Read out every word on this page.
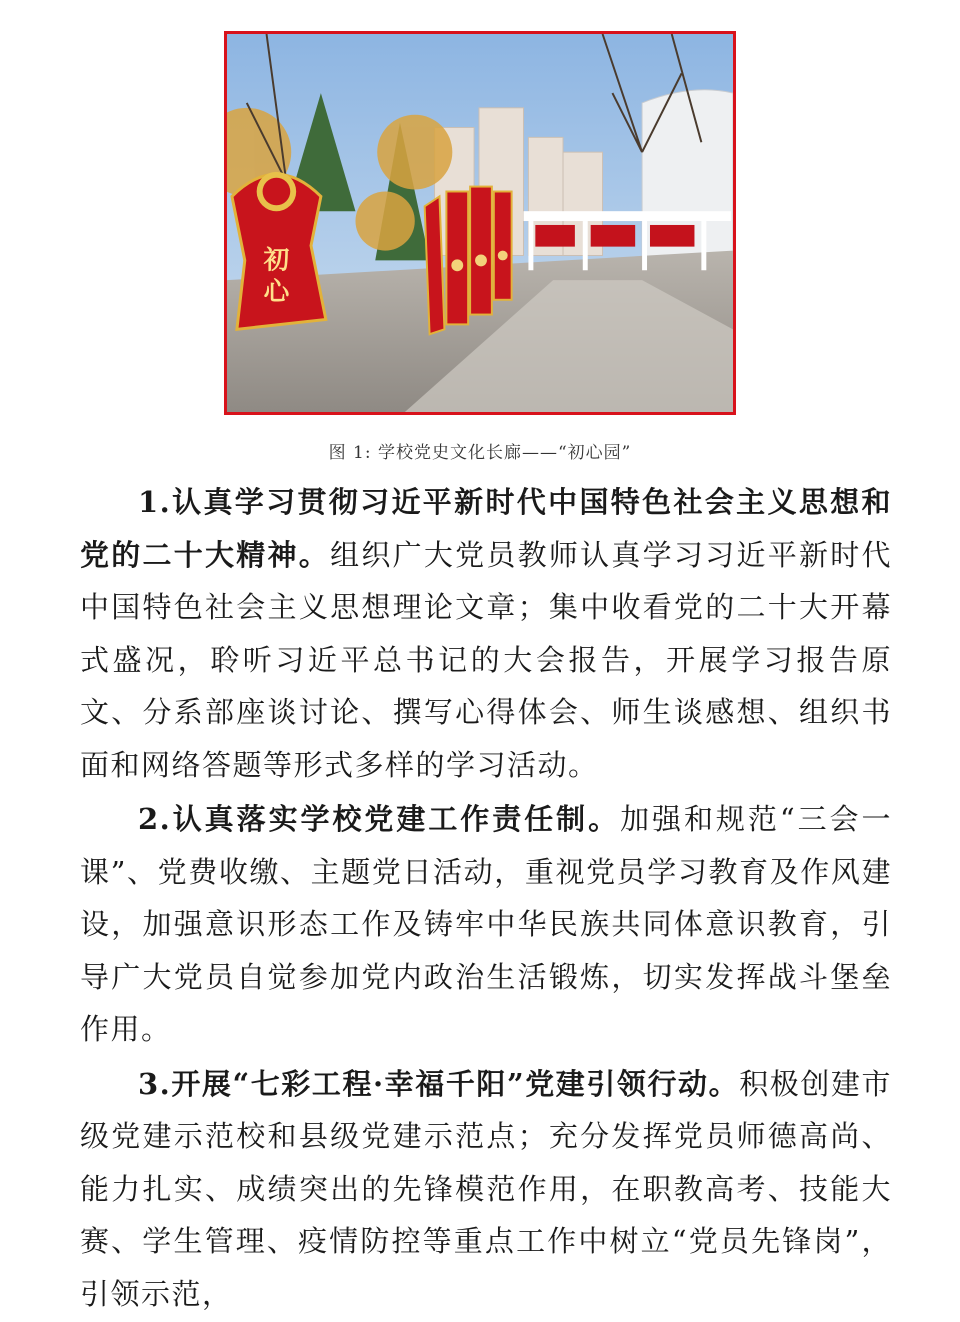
初
心
图 1: 学校党史文化长廊——“初心园”

1.认真学习贯彻习近平新时代中国特色社会主义思想和党的二十大精神。组织广大党员教师认真学习习近平新时代中国特色社会主义思想理论文章；集中收看党的二十大开幕式盛况，聆听习近平总书记的大会报告，开展学习报告原文、分系部座谈讨论、撰写心得体会、师生谈感想、组织书面和网络答题等形式多样的学习活动。

2.认真落实学校党建工作责任制。加强和规范“三会一课”、党费收缴、主题党日活动，重视党员学习教育及作风建设，加强意识形态工作及铸牢中华民族共同体意识教育，引导广大党员自觉参加党内政治生活锻炼，切实发挥战斗堡垒作用。

3.开展“七彩工程·幸福千阳”党建引领行动。积极创建市级党建示范校和县级党建示范点；充分发挥党员师德高尚、能力扎实、成绩突出的先锋模范作用，在职教高考、技能大赛、学生管理、疫情防控等重点工作中树立“党员先锋岗”，引领示范，
